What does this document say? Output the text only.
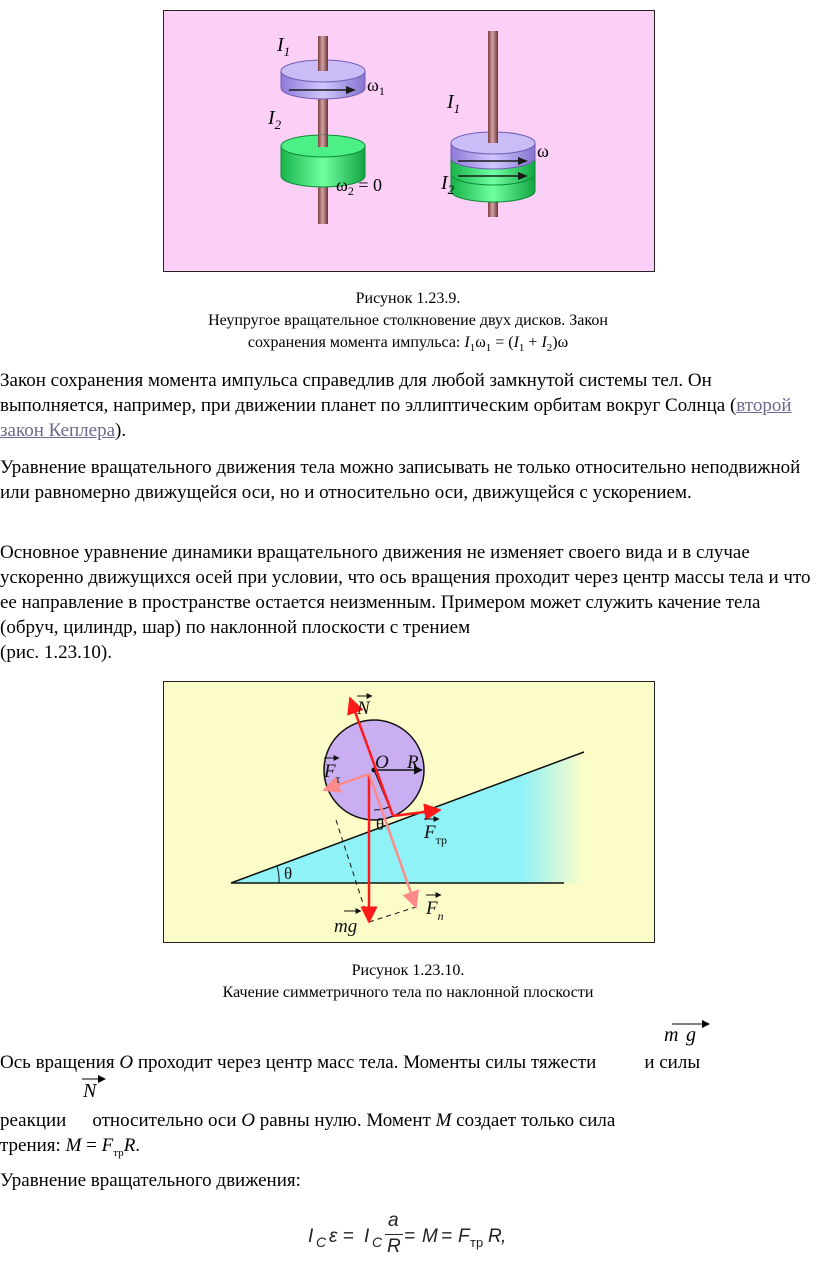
$I_1$
$\omega_1$
$I_2$
$\omega_2 = 0$
$I_1$
ω
$I_2$
Рисунок 1.23.9.
Неупругое вращательное столкновение двух дисков. Закон
сохранения момента импульса: $I_1\omega_1 = (I_1 + I_2)\omega$

Закон сохранения момента импульса справедлив для любой замкнутой системы тел. Он выполняется, например, при движении планет по эллиптическим орбитам вокруг Солнца (второй закон Кеплера).

Уравнение вращательного движения тела можно записывать не только относительно неподвижной или равномерно движущейся оси, но и относительно оси, движущейся с ускорением.

Основное уравнение динамики вращательного движения не изменяет своего вида и в случае ускоренно движущихся осей при условии, что ось вращения проходит через центр массы тела и что ее направление в пространстве остается неизменным. Примером может служить качение тела (обруч, цилиндр, шар) по наклонной плоскости с трением
(рис. 1.23.10).

N
$F_\tau$
O R
θ $F_{тр}$
θ
mg
$F_n$
Рисунок 1.23.10.
Качение симметричного тела по наклонной плоскости
m g
N

Ось вращения O проходит через центр масс тела. Моменты силы тяжести	и силы

реакции относительно оси O равны нулю. Момент M создает только сила
трения: $M = F_{тр}R$.

Уравнение вращательного движения:

I C ε = I C
a
R = M = F тр R ,
